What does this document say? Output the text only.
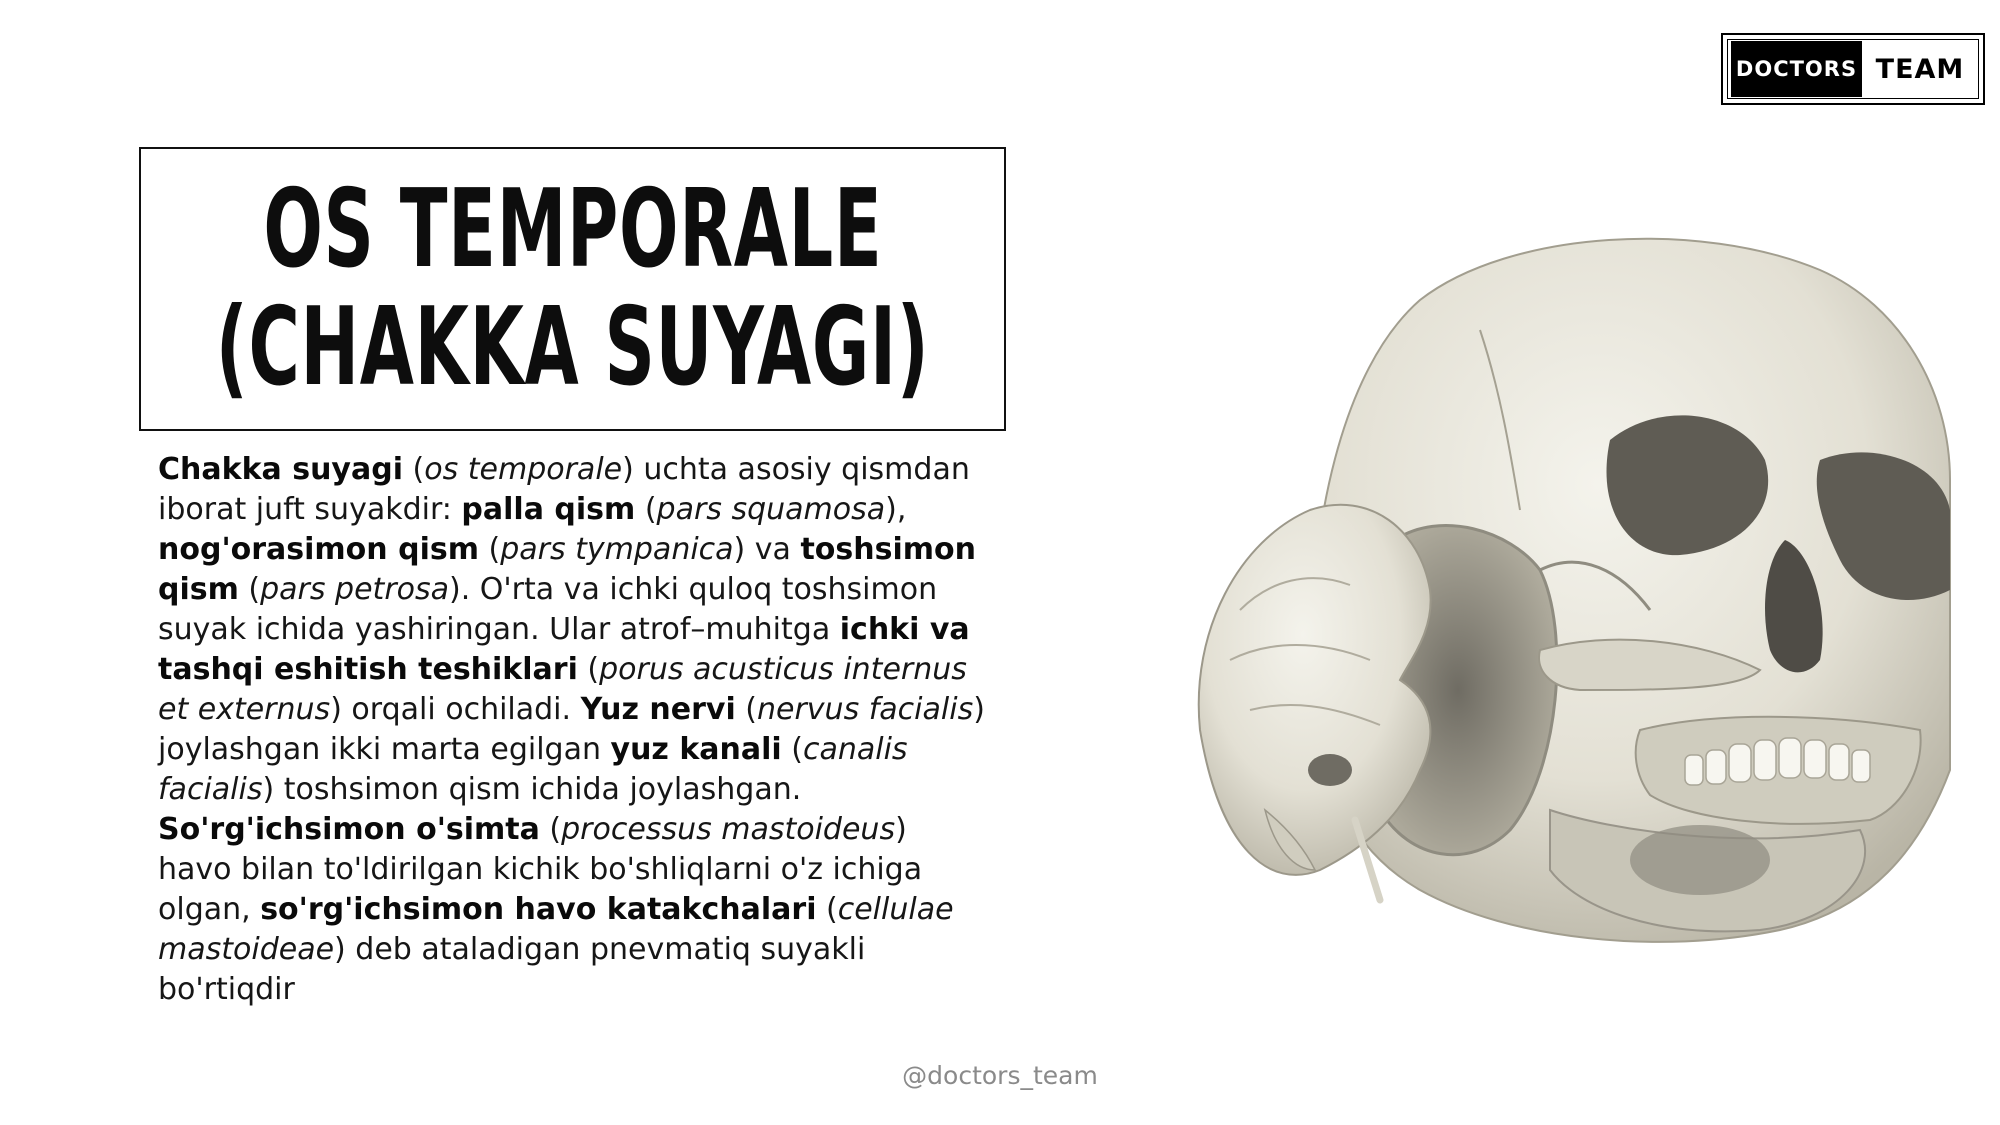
DOCTORS TEAM
OS TEMPORALE
(CHAKKA SUYAGI)
Chakka suyagi (os temporale) uchta asosiy qismdan iborat juft suyakdir: palla qism (pars squamosa), nog'orasimon qism (pars tympanica) va toshsimon qism (pars petrosa). O'rta va ichki quloq toshsimon suyak ichida yashiringan. Ular atrof–muhitga ichki va tashqi eshitish teshiklari (porus acusticus internus et externus) orqali ochiladi. Yuz nervi (nervus facialis) joylashgan ikki marta egilgan yuz kanali (canalis facialis) toshsimon qism ichida joylashgan. So'rg'ichsimon o'simta (processus mastoideus) havo bilan to'ldirilgan kichik bo'shliqlarni o'z ichiga olgan, so'rg'ichsimon havo katakchalari (cellulae mastoideae) deb ataladigan pnevmatiq suyakli bo'rtiqdir
@doctors_team
